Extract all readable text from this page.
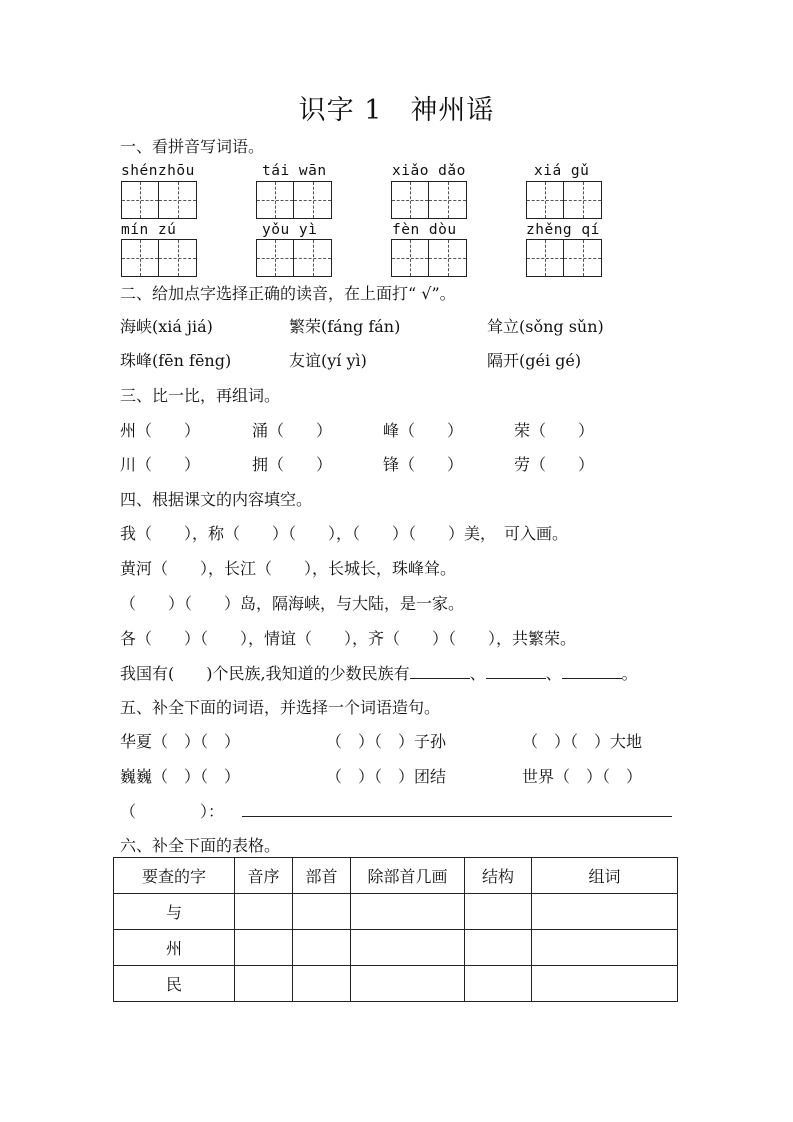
识字 1　神州谣
一、看拼音写词语。
shénzhōu	tái wān	xiǎo dǎo	xiá gǔ
mín zú	yǒu yì	fèn dòu	zhěng qí
二、给加点字选择正确的读音，在上面打“ √”。
海峡(xiá jiá)	繁荣(fáng fán)	耸立(sǒng sǔn)
珠峰(fēn fēng)	友谊(yí yì)	隔开(géi gé)
三、比一比，再组词。
州（　　）	涌（　　）	峰（　　）	荣（　　）
川（　　）	拥（　　）	锋（　　）	劳（　　）
四、根据课文的内容填空。
我（　　），称（　　）（　　），（　　）（　　）美，　可入画。
黄河（　　），长江（　　），长城长，珠峰耸。
（　　）（　　）岛，隔海峡，与大陆，是一家。
各（　　）（　　），情谊（　　），齐（　　）（　　），共繁荣。
我国有(　　)个民族,我知道的少数民族有	、	、	。
五、补全下面的词语，并选择一个词语造句。
华夏（　）（　）	（　）（　）子孙	（　）（　）大地
巍巍（　）（　）	（　）（　）团结	世界（　）（　）
（　　　　）：
六、补全下面的表格。
要查的字	音序	部首	除部首几画	结构	组词
与					
州					
民					
